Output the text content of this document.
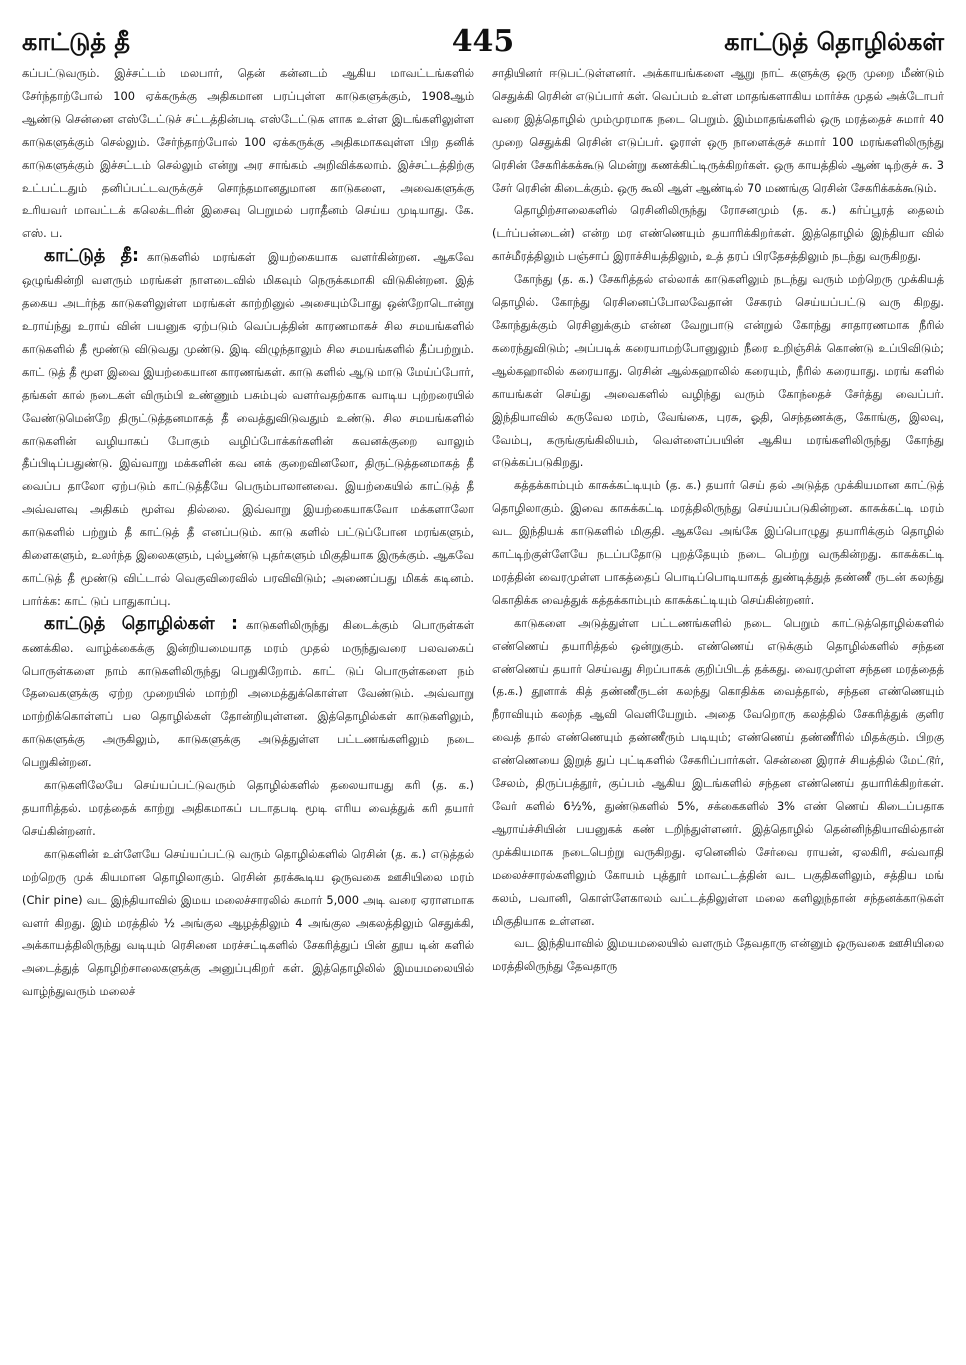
காட்டுத் தீ	445	காட்டுத் தொழில்கள்

கப்பட்டுவரும். இச்சட்டம் மலபார், தென் கன்னடம் ஆகிய மாவட்டங்களில் சேர்ந்தாற்போல் 100 ஏக்கருக்கு அதிகமான பரப்புள்ள காடுகளுக்கும், 1908ஆம் ஆண்டு சென்னை எஸ்டேட்டுச் சட்டத்தின்படி எஸ்டேட்டுக ளாக உள்ள இடங்களிலுள்ள காடுகளுக்கும் செல்லும். சேர்ந்தாற்போல் 100 ஏக்கருக்கு அதிகமாகவுள்ள பிற தனிக் காடுகளுக்கும் இச்சட்டம் செல்லும் என்று அர சாங்கம் அறிவிக்கலாம். இச்சட்டத்திற்கு உட்பட்டதும் தனிப்பட்டவருக்குச் சொந்தமானதுமான காடுகளை, அவைகளுக்கு உரியவர் மாவட்டக் கலெக்டரின் இசைவு பெறுமல் பராதீனம் செய்ய முடியாது. கே. எஸ். ப.

காட்டுத் தீ: காடுகளில் மரங்கள் இயற்கையாக வளர்கின்றன. ஆகவே ஒழுங்கின்றி வளரும் மரங்கள் நாளடைவில் மிகவும் நெருக்கமாகி விடுகின்றன. இத் தகைய அடர்ந்த காடுகளிலுள்ள மரங்கள் காற்றினுல் அசையும்போது ஒன்றோடொன்று உராய்ந்து உராய் வின் பயனுக ஏற்படும் வெப்பத்தின் காரணமாகச் சில சமயங்களில் காடுகளில் தீ மூண்டு விடுவது முண்டு. இடி விழுந்தாலும் சில சமயங்களில் தீப்பற்றும். காட் டுத் தீ மூள இவை இயற்கையான காரணங்கள். காடு களில் ஆடு மாடு மேய்ப்போர், தங்கள் கால் நடைகள் விரும்பி உண்ணும் பசும்புல் வளர்வதற்காக வாடிய புற்றரையில் வேண்டுமென்றே திருட்டுத்தனமாகத் தீ வைத்துவிடுவதும் உண்டு. சில சமயங்களில் காடுகளின் வழியாகப் போகும் வழிப்போக்கர்களின் கவனக்குறை வாலும் தீப்பிடிப்பதுண்டு. இவ்வாறு மக்களின் கவ னக் குறைவினலோ, திருட்டுத்தனமாகத் தீ வைப்ப தாலோ ஏற்படும் காட்டுத்தீயே பெரும்பாலானவை. இயற்கையில் காட்டுத் தீ அவ்வளவு அதிகம் மூள்வ தில்லை. இவ்வாறு இயற்கையாகவோ மக்களாலோ காடுகளில் பற்றும் தீ காட்டுத் தீ எனப்படும். காடு களில் பட்டுப்போன மரங்களும், கிளைகளும், உலர்ந்த இலைகளும், புல்பூண்டு புதர்களும் மிகுதியாக இருக்கும். ஆகவே காட்டுத் தீ மூண்டு விட்டால் வெகுவிரைவில் பரவிவிடும்; அணைப்பது மிகக் கடினம். பார்க்க: காட் டுப் பாதுகாப்பு.

காட்டுத் தொழில்கள் : காடுகளிலிருந்து கிடைக்கும் பொருள்கள் கணக்கில. வாழ்க்கைக்கு இன்றியமையாத மரம் முதல் மருந்துவரை பலவகைப் பொருள்களை நாம் காடுகளிலிருந்து பெறுகிறோம். காட் டுப் பொருள்களை நம் தேவைகளுக்கு ஏற்ற முறையில் மாற்றி அமைத்துக்கொள்ள வேண்டும். அவ்வாறு மாற்றிக்கொள்ளப் பல தொழில்கள் தோன்றியுள்ளன. இத்தொழில்கள் காடுகளிலும், காடுகளுக்கு அருகிலும், காடுகளுக்கு அடுத்துள்ள பட்டணங்களிலும் நடை பெறுகின்றன.

காடுகளிலேயே செய்யப்பட்டுவரும் தொழில்களில் தலையாயது கரி (த. க.) தயாரித்தல். மரத்தைக் காற்று அதிகமாகப் படாதபடி மூடி எரிய வைத்துக் கரி தயார் செய்கின்றனர்.

காடுகளின் உள்ளேயே செய்யப்பட்டு வரும் தொழில்களில் ரெசின் (த. க.) எடுத்தல் மற்றெரு முக் கியமான தொழிலாகும். ரெசின் தரக்கூடிய ஒருவகை ஊசியிலை மரம் (Chir pine) வட இந்தியாவில் இமய மலைச்சாரலில் சுமார் 5,000 அடி வரை ஏராளமாக வளர் கிறது. இம் மரத்தில் ½ அங்குல ஆழத்திலும் 4 அங்குல அகலத்திலும் செதுக்கி, அக்காயத்திலிருந்து வடியும் ரெசினை மரச்சட்டிகளில் சேகரித்துப் பின் தூய டின் களில் அடைத்துத் தொழிற்சாலைகளுக்கு அனுப்புகிறர் கள். இத்தொழிலில் இமயமலையில் வாழ்ந்துவரும் மலைச்

சாதியினர் ஈடுபட்டுள்ளனர். அக்காயங்களை ஆறு நாட் களுக்கு ஒரு முறை மீண்டும் செதுக்கி ரெசின் எடுப்பார் கள். வெப்பம் உள்ள மாதங்களாகிய மார்ச்சு முதல் அக்டோபர் வரை இத்தொழில் மும்முரமாக நடை பெறும். இம்மாதங்களில் ஒரு மரத்தைச் சுமார் 40 முறை செதுக்கி ரெசின் எடுப்பர். ஓராள் ஒரு நாளைக்குச் சுமார் 100 மரங்களிலிருந்து ரெசின் சேகரிக்கக்கூடு மென்று கணக்கிட்டிருக்கிறர்கள். ஒரு காயத்தில் ஆண் டிற்குச் சு. 3 சேர் ரெசின் கிடைக்கும். ஒரு கூலி ஆள் ஆண்டில் 70 மணங்கு ரெசின் சேகரிக்கக்கூடும்.

தொழிற்சாலைகளில் ரெசினிலிருந்து ரோசனமும் (த. க.) கர்ப்பூரத் தைலம் (டர்ப்பன்டைன்) என்ற மர எண்ணெயும் தயாரிக்கிறர்கள். இத்தொழில் இந்தியா வில் காச்மீரத்திலும் பஞ்சாப் இராச்சியத்திலும், உத் தரப் பிரதேசத்திலும் நடந்து வருகிறது.

கோந்து (த. க.) சேகரித்தல் எல்லாக் காடுகளிலும் நடந்து வரும் மற்றெரு முக்கியத் தொழில். கோந்து ரெசினைப்போலவேதான் சேகரம் செய்யப்பட்டு வரு கிறது. கோந்துக்கும் ரெசினுக்கும் என்ன வேறுபாடு என்றுல் கோந்து சாதாரணமாக நீரில் கரைந்துவிடும்; அப்படிக் கரையாமற்போனுலும் நீரை உறிஞ்சிக் கொண்டு உப்பிவிடும்; ஆல்கஹாலில் கரையாது. ரெசின் ஆல்கஹாலில் கரையும், நீரில் கரையாது. மரங் களில் காயங்கள் செய்து அவைகளில் வழிந்து வரும் கோந்தைச் சேர்த்து வைப்பர். இந்தியாவில் கருவேல மரம், வேங்கை, புரசு, ஓதி, செந்தணக்கு, கோங்கு, இலவு, வேம்பு, கருங்குங்கிலியம், வெள்ளைப்பயின் ஆகிய மரங்களிலிருந்து கோந்து எடுக்கப்படுகிறது.

கத்தக்காம்பும் காசுக்கட்டியும் (த. க.) தயார் செய் தல் அடுத்த முக்கியமான காட்டுத் தொழிலாகும். இவை காசுக்கட்டி மரத்திலிருந்து செய்யப்படுகின்றன. காசுக்கட்டி மரம் வட இந்தியக் காடுகளில் மிகுதி. ஆகவே அங்கே இப்பொழுது தயாரிக்கும் தொழில் காட்டிற்குள்ளேயே நடப்பதோடு புறத்தேயும் நடை பெற்று வருகின்றது. காசுக்கட்டி மரத்தின் வைரமுள்ள பாகத்தைப் பொடிப்பொடியாகத் துண்டித்துத் தண்ணீ ருடன் கலந்து கொதிக்க வைத்துக் கத்தக்காம்பும் காசுக்கட்டியும் செய்கின்றனர்.

காடுகளை அடுத்துள்ள பட்டணங்களில் நடை பெறும் காட்டுத்தொழில்களில் எண்ணெய் தயாரித்தல் ஒன்றுகும். எண்ணெய் எடுக்கும் தொழில்களில் சந்தன எண்ணெய் தயார் செய்வது சிறப்பாகக் குறிப்பிடத் தக்கது. வைரமுள்ள சந்தன மரத்தைத் (த.க.) தூளாக் கித் தண்ணீருடன் கலந்து கொதிக்க வைத்தால், சந்தன எண்ணெயும் நீராவியும் கலந்த ஆவி வெளியேறும். அதை வேறொரு கலத்தில் சேகரித்துக் குளிர வைத் தால் எண்ணெயும் தண்ணீரும் படியும்; எண்ணெய் தண்ணீரில் மிதக்கும். பிறகு எண்ணெயை இறுத் துப் புட்டிகளில் சேகரிப்பார்கள். சென்னை இராச் சியத்தில் மேட்டூர், சேலம், திருப்பத்தூர், குப்பம் ஆகிய இடங்களில் சந்தன எண்ணெய் தயாரிக்கிறர்கள். வேர் களில் 6½%, துண்டுகளில் 5%, சக்கைகளில் 3% எண் ணெய் கிடைப்பதாக ஆராய்ச்சியின் பயனுகக் கண் டறிந்துள்ளனர். இத்தொழில் தென்னிந்தியாவில்தான் முக்கியமாக நடைபெற்று வருகிறது. ஏனெனில் சேர்வை ராயன், ஏலகிரி, சவ்வாதி மலைச்சாரல்களிலும் கோயம் புத்தூர் மாவட்டத்தின் வட பகுதிகளிலும், சத்திய மங் கலம், பவானி, கொள்ளேகாலம் வட்டத்திலுள்ள மலை களிலுந்தான் சந்தனக்காடுகள் மிகுதியாக உள்ளன.

வட இந்தியாவில் இமயமலையில் வளரும் தேவதாரு என்னும் ஒருவகை ஊசியிலை மரத்திலிருந்து தேவதாரு
